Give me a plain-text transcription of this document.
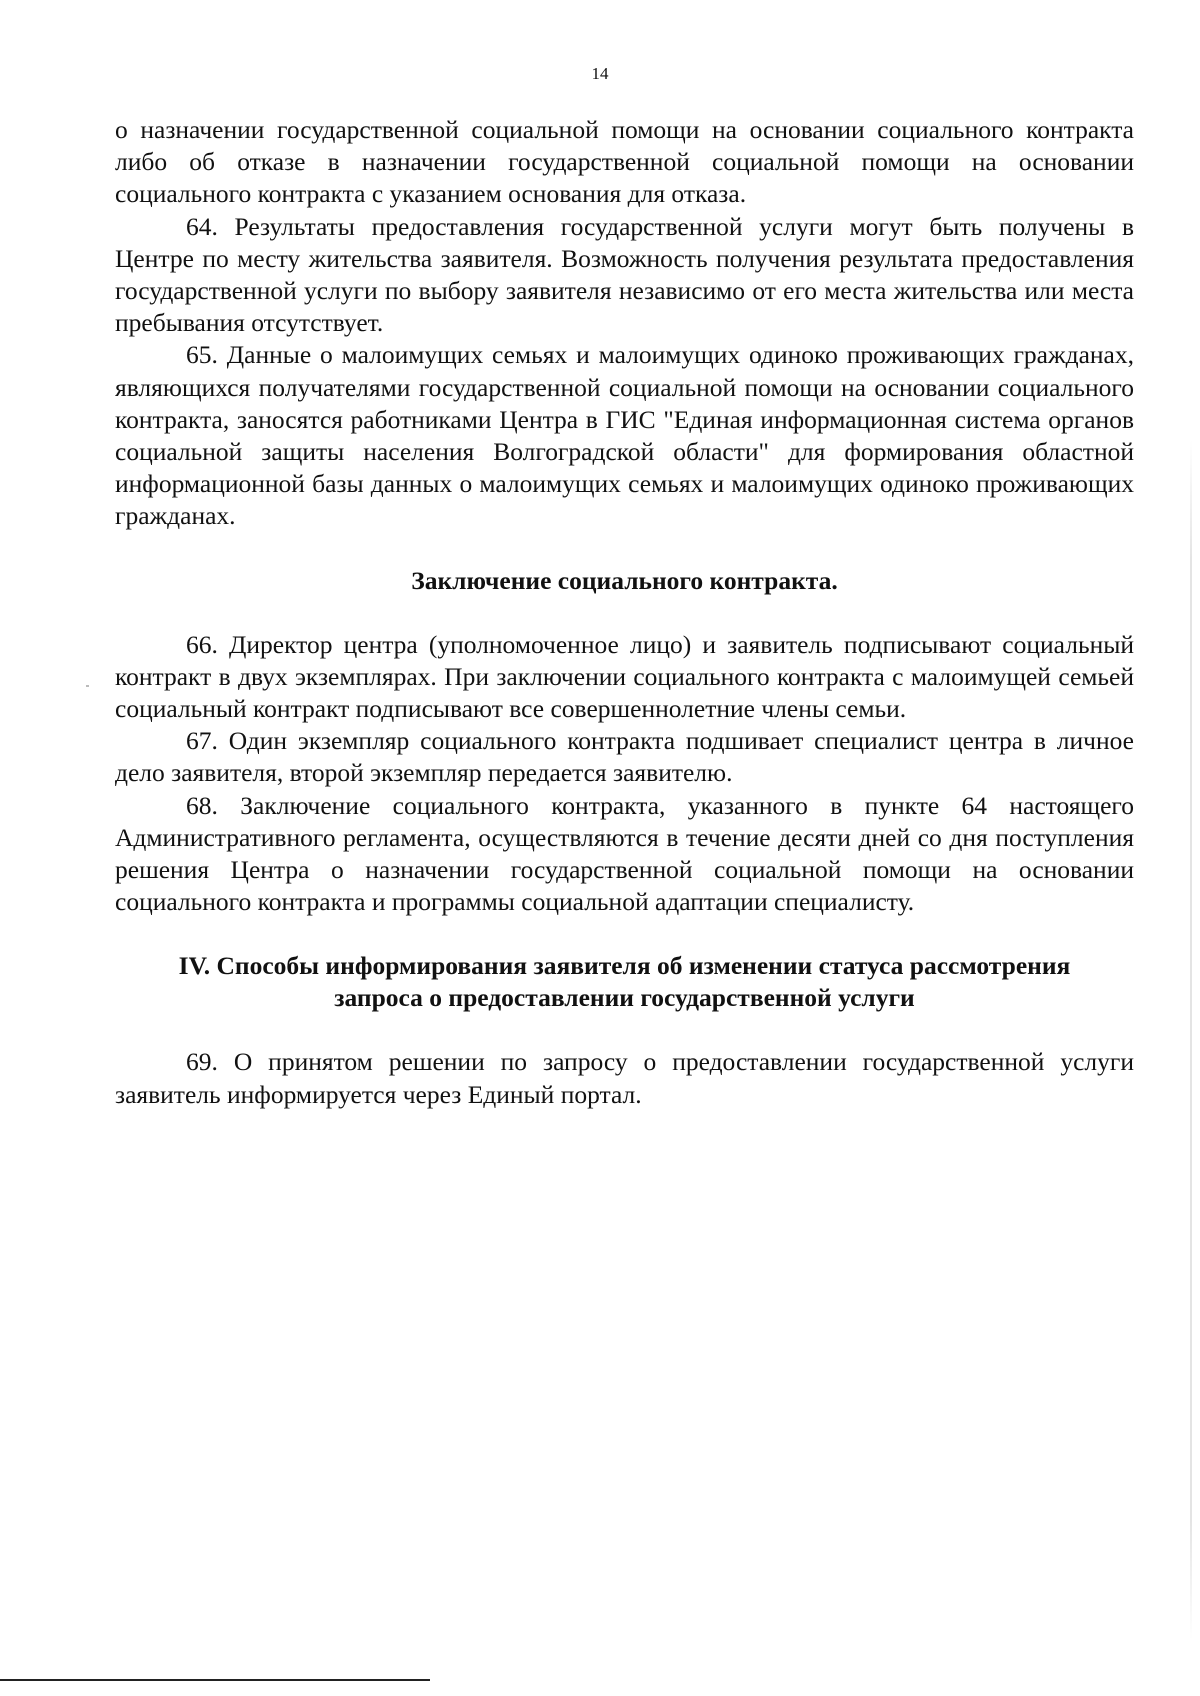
14

о назначении государственной социальной помощи на основании социального контракта либо об отказе в назначении государственной социальной помощи на основании социального контракта с указанием основания для отказа.

64. Результаты предоставления государственной услуги могут быть получены в Центре по месту жительства заявителя. Возможность получения результата предоставления государственной услуги по выбору заявителя независимо от его места жительства или места пребывания отсутствует.

65. Данные о малоимущих семьях и малоимущих одиноко проживающих гражданах, являющихся получателями государственной социальной помощи на основании социального контракта, заносятся работниками Центра в ГИС "Единая информационная система органов социальной защиты населения Волгоградской области" для формирования областной информационной базы данных о малоимущих семьях и малоимущих одиноко проживающих гражданах.

Заключение социального контракта.

66. Директор центра (уполномоченное лицо) и заявитель подписывают социальный контракт в двух экземплярах. При заключении социального контракта с малоимущей семьей социальный контракт подписывают все совершеннолетние члены семьи.

67. Один экземпляр социального контракта подшивает специалист центра в личное дело заявителя, второй экземпляр передается заявителю.

68. Заключение социального контракта, указанного в пункте 64 настоящего Административного регламента, осуществляются в течение десяти дней со дня поступления решения Центра о назначении государственной социальной помощи на основании социального контракта и программы социальной адаптации специалисту.

IV. Способы информирования заявителя об изменении статуса рассмотрения
запроса о предоставлении государственной услуги

69. О принятом решении по запросу о предоставлении государственной услуги заявитель информируется через Единый портал.
